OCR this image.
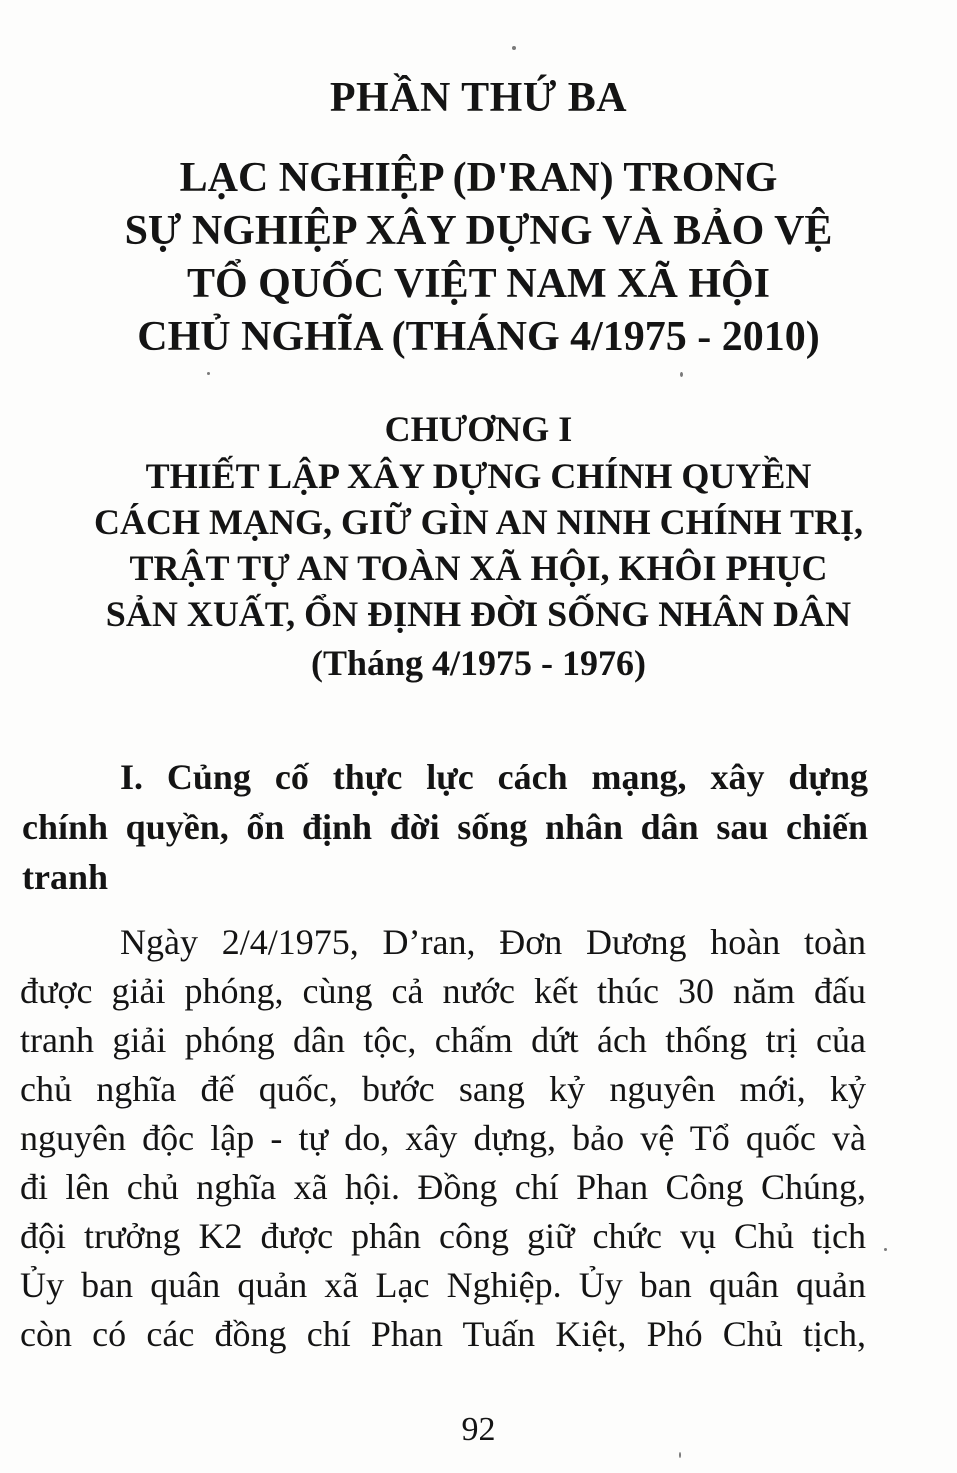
PHẦN THỨ BA
LẠC NGHIỆP (D'RAN) TRONG
SỰ NGHIỆP XÂY DỰNG VÀ BẢO VỆ
TỔ QUỐC VIỆT NAM XÃ HỘI
CHỦ NGHĨA (THÁNG 4/1975 - 2010)
CHƯƠNG I
THIẾT LẬP XÂY DỰNG CHÍNH QUYỀN
CÁCH MẠNG, GIỮ GÌN AN NINH CHÍNH TRỊ,
TRẬT TỰ AN TOÀN XÃ HỘI, KHÔI PHỤC
SẢN XUẤT, ỔN ĐỊNH ĐỜI SỐNG NHÂN DÂN
(Tháng 4/1975 - 1976)
I. Củng cố thực lực cách mạng, xây dựng
chính quyền, ổn định đời sống nhân dân sau chiến
tranh
Ngày 2/4/1975, D’ran, Đơn Dương hoàn toàn
được giải phóng, cùng cả nước kết thúc 30 năm đấu
tranh giải phóng dân tộc, chấm dứt ách thống trị của
chủ nghĩa đế quốc, bước sang kỷ nguyên mới, kỷ
nguyên độc lập - tự do, xây dựng, bảo vệ Tổ quốc và
đi lên chủ nghĩa xã hội. Đồng chí Phan Công Chúng,
đội trưởng K2 được phân công giữ chức vụ Chủ tịch
Ủy ban quân quản xã Lạc Nghiệp. Ủy ban quân quản
còn có các đồng chí Phan Tuấn Kiệt, Phó Chủ tịch,
92
